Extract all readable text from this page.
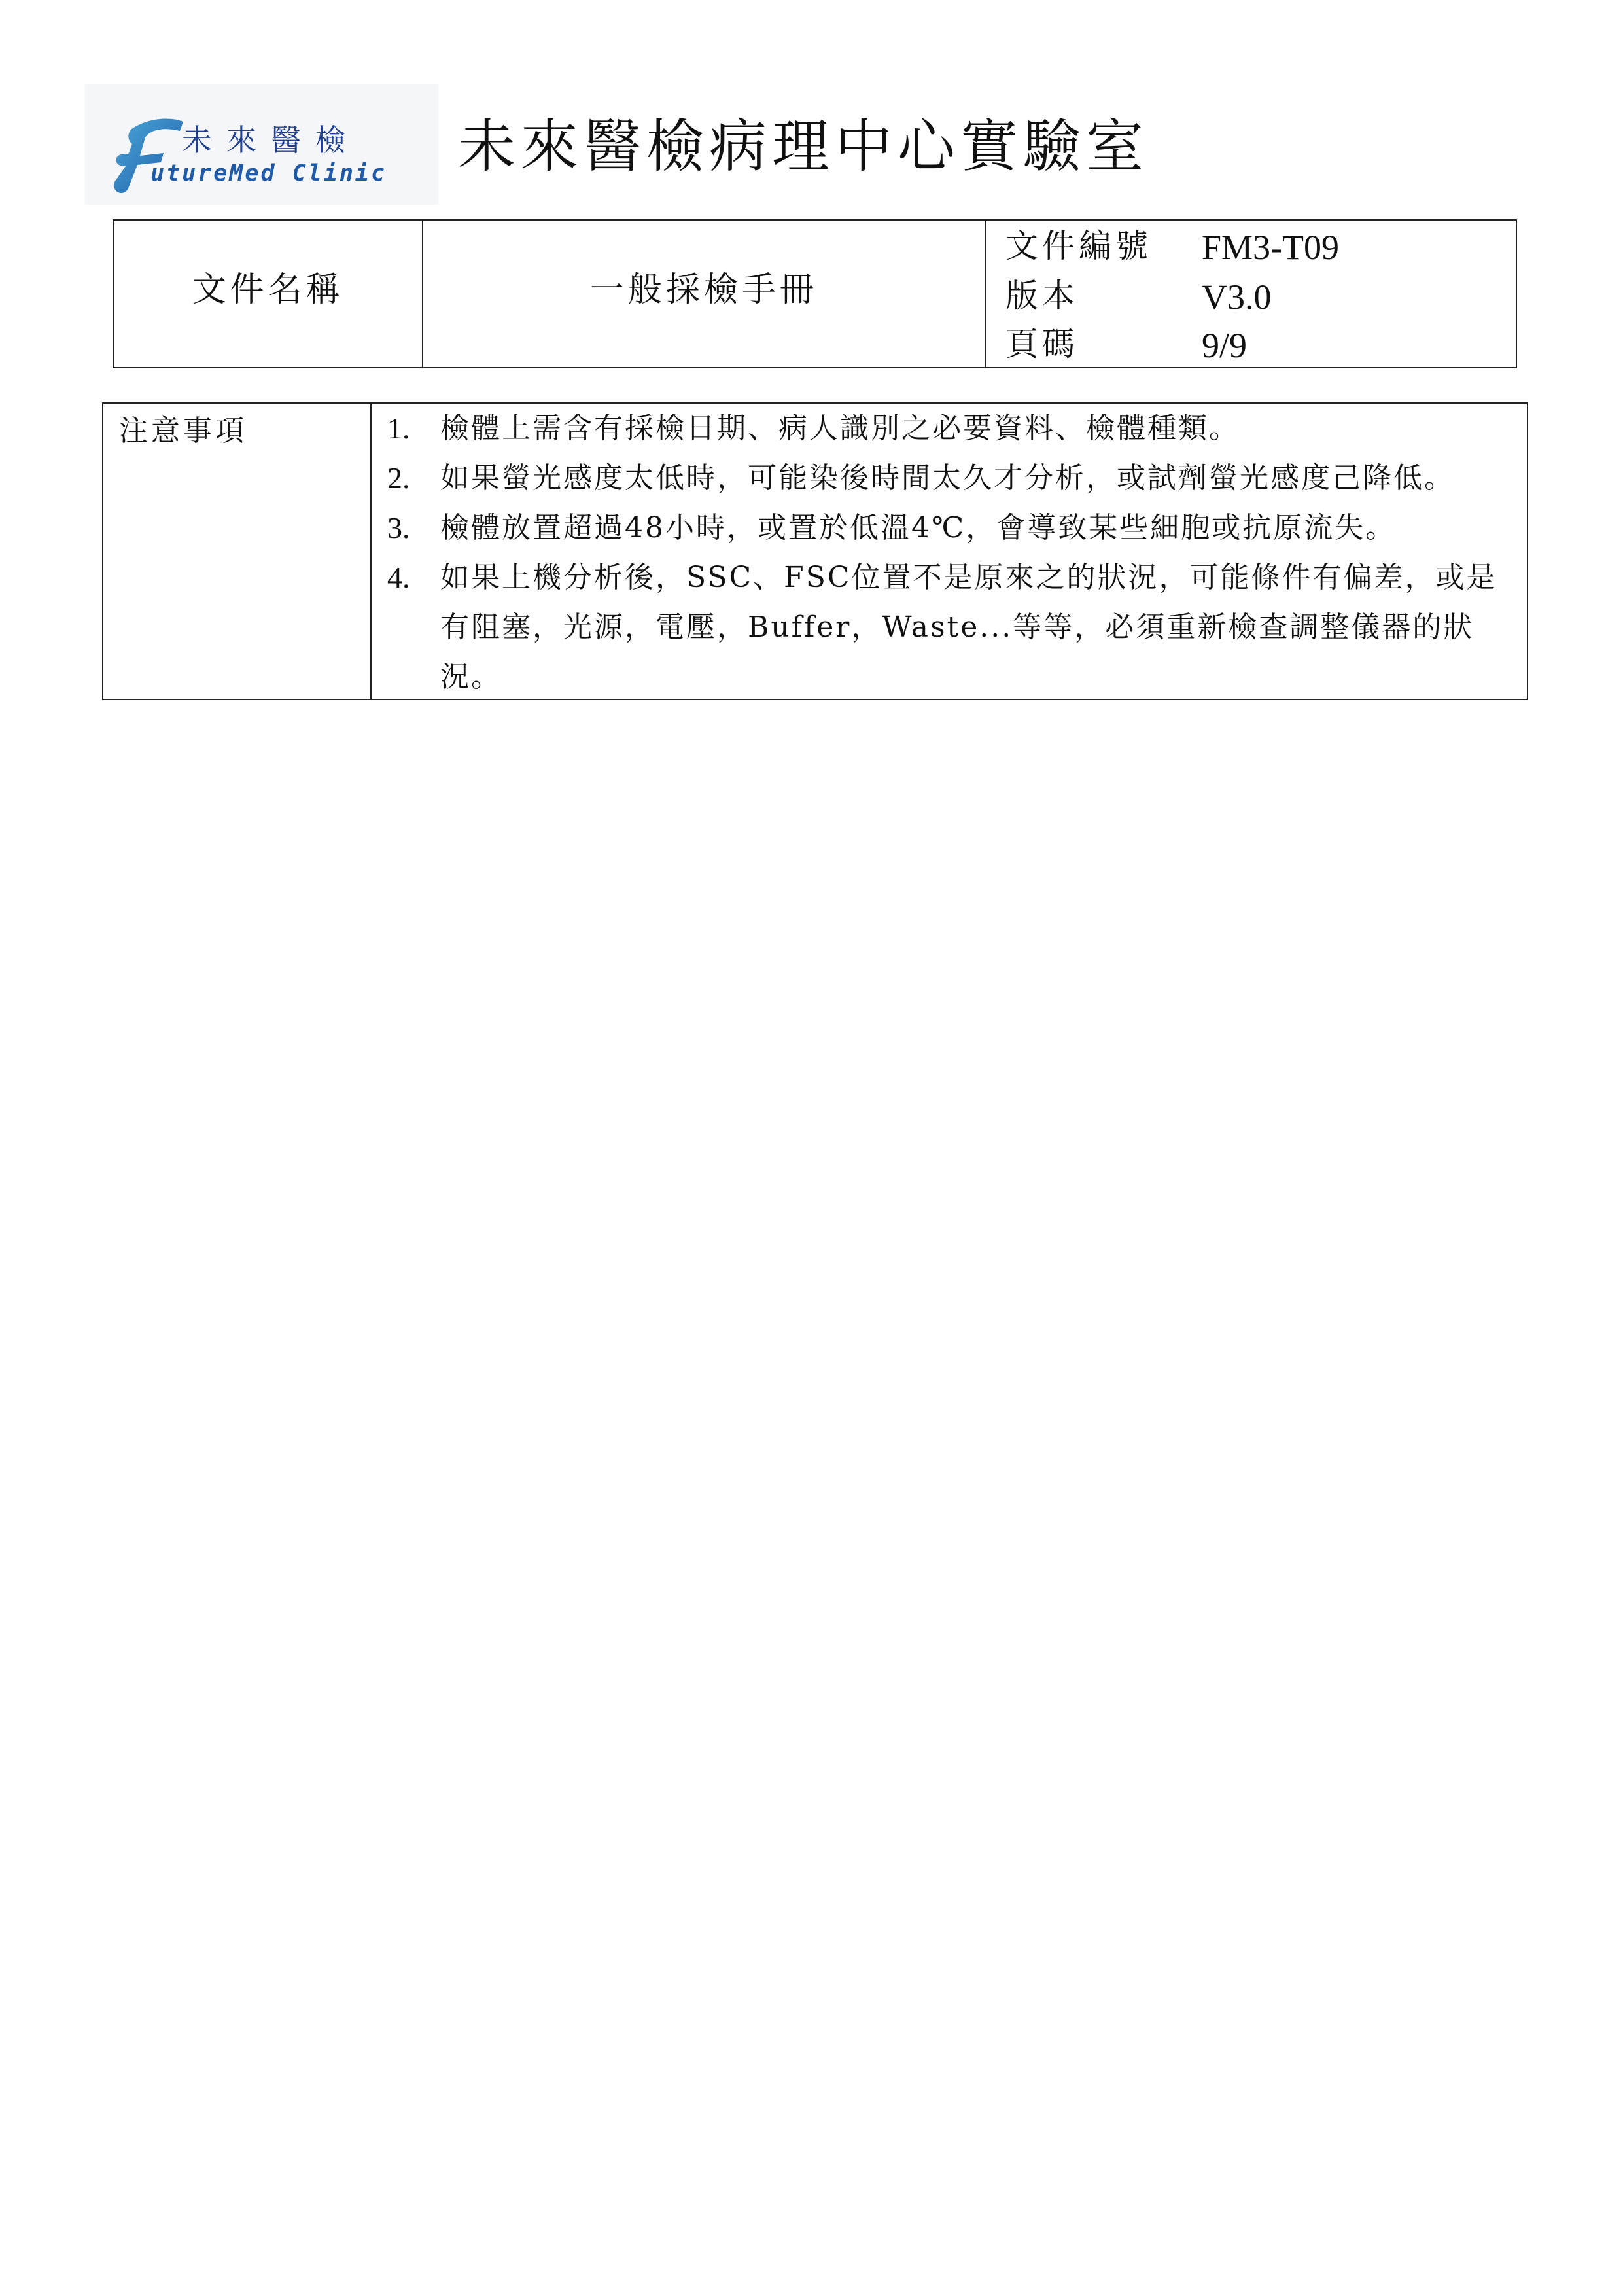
未來醫檢
utureMed Clinic 未來醫檢病理中心實驗室
文件名稱	一般採檢手冊
文件編號 FM3-T09
版本	V3.0
頁碼	9/9
注意事項	1. 檢體上需含有採檢日期、病人識別之必要資料、檢體種類。
2. 如果螢光感度太低時，可能染後時間太久才分析，或試劑螢光感度己降低。
3. 檢體放置超過48小時，或置於低溫4℃，會導致某些細胞或抗原流失。
4. 如果上機分析後，SSC、FSC位置不是原來之的狀況，可能條件有偏差，或是有阻塞，光源，電壓，Buffer，Waste...等等，必須重新檢查調整儀器的狀況。
